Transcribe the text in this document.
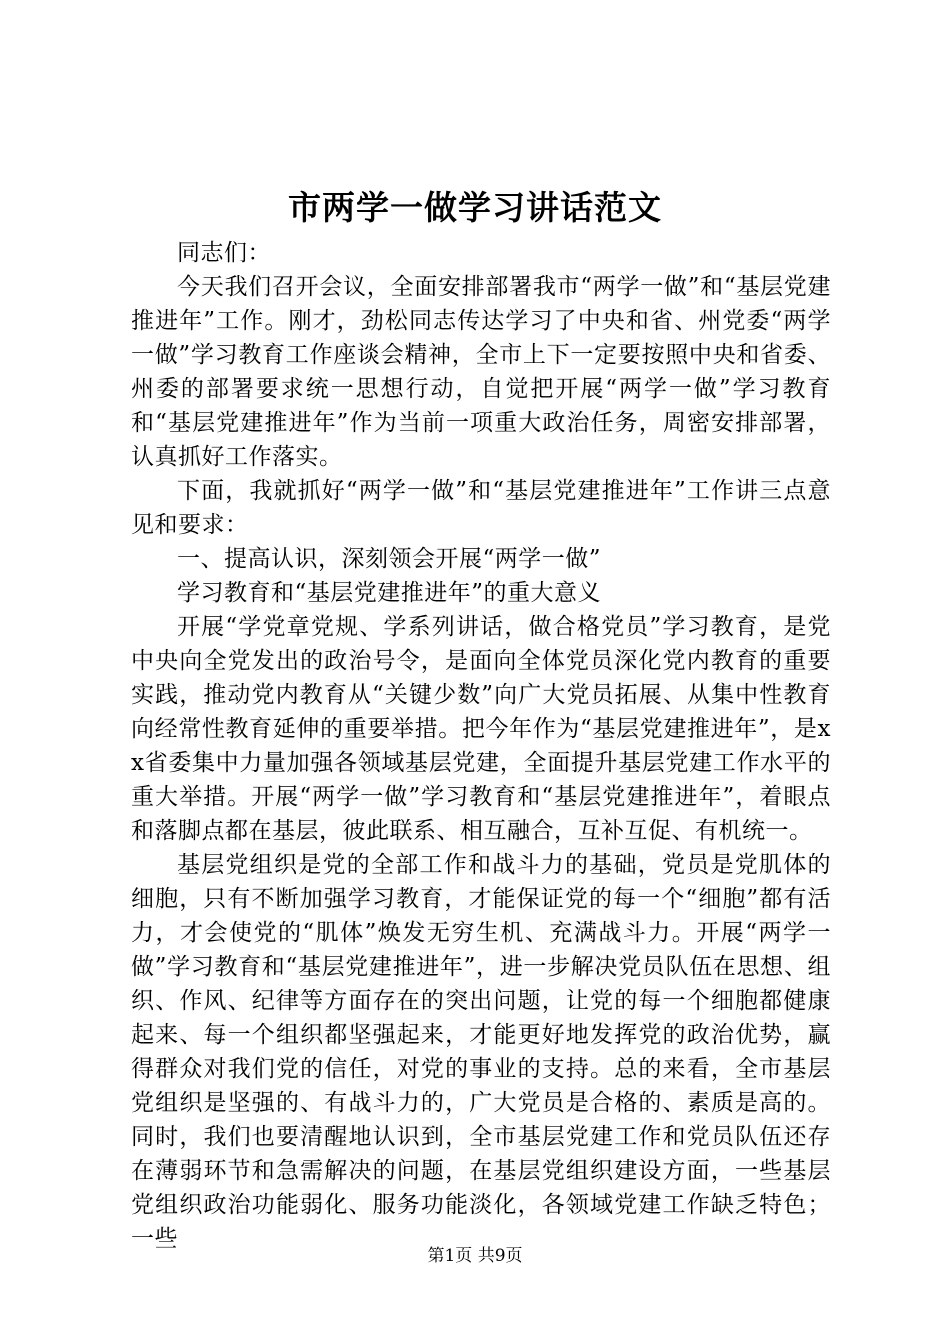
市两学一做学习讲话范文

同志们：

今天我们召开会议，全面安排部署我市“两学一做”和“基层党建推进年”工作。刚才，劲松同志传达学习了中央和省、州党委“两学一做”学习教育工作座谈会精神，全市上下一定要按照中央和省委、州委的部署要求统一思想行动，自觉把开展“两学一做”学习教育和“基层党建推进年”作为当前一项重大政治任务，周密安排部署，认真抓好工作落实。

下面，我就抓好“两学一做”和“基层党建推进年”工作讲三点意见和要求：

一、提高认识，深刻领会开展“两学一做”

学习教育和“基层党建推进年”的重大意义

开展“学党章党规、学系列讲话，做合格党员”学习教育，是党中央向全党发出的政治号令，是面向全体党员深化党内教育的重要实践，推动党内教育从“关键少数”向广大党员拓展、从集中性教育向经常性教育延伸的重要举措。把今年作为“基层党建推进年”，是xx省委集中力量加强各领域基层党建，全面提升基层党建工作水平的重大举措。开展“两学一做”学习教育和“基层党建推进年”，着眼点和落脚点都在基层，彼此联系、相互融合，互补互促、有机统一。

基层党组织是党的全部工作和战斗力的基础，党员是党肌体的细胞，只有不断加强学习教育，才能保证党的每一个“细胞”都有活力，才会使党的“肌体”焕发无穷生机、充满战斗力。开展“两学一做”学习教育和“基层党建推进年”，进一步解决党员队伍在思想、组织、作风、纪律等方面存在的突出问题，让党的每一个细胞都健康起来、每一个组织都坚强起来，才能更好地发挥党的政治优势，赢得群众对我们党的信任，对党的事业的支持。总的来看，全市基层党组织是坚强的、有战斗力的，广大党员是合格的、素质是高的。同时，我们也要清醒地认识到，全市基层党建工作和党员队伍还存在薄弱环节和急需解决的问题，在基层党组织建设方面，一些基层党组织政治功能弱化、服务功能淡化，各领域党建工作缺乏特色；一些

第1页 共9页
